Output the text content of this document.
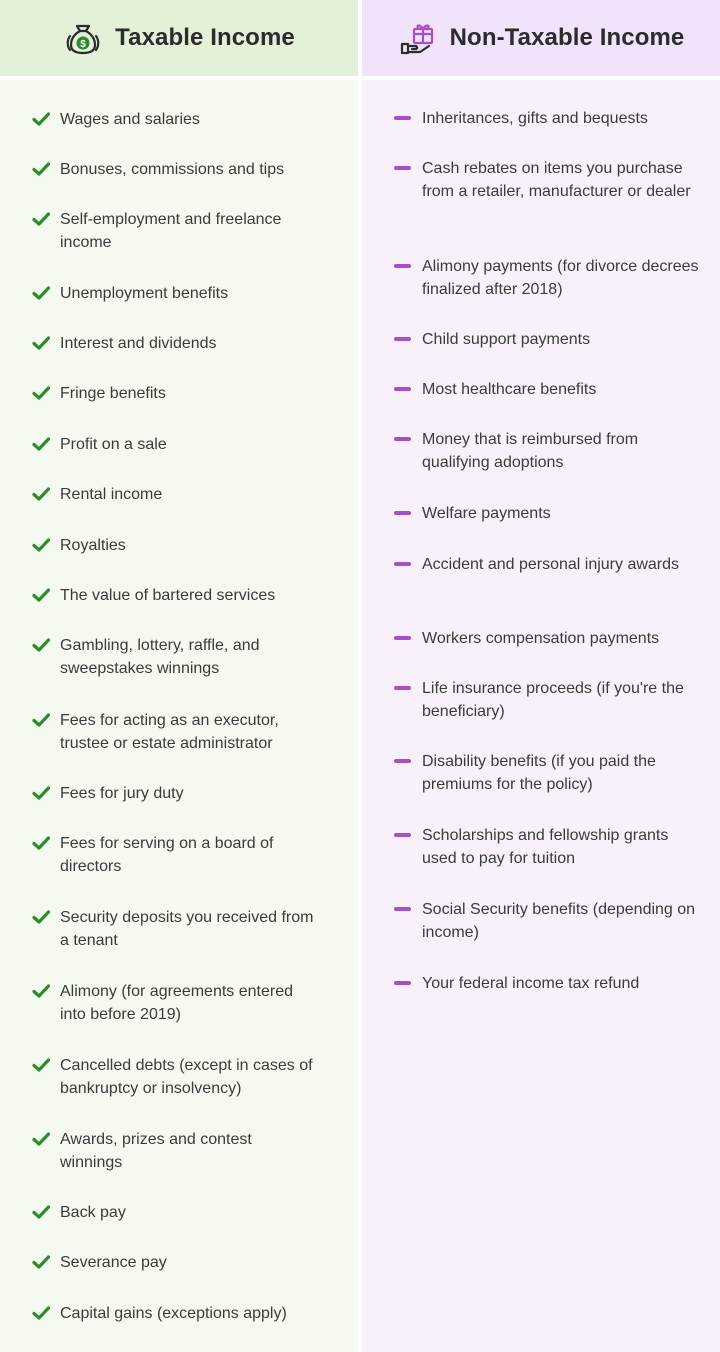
$ Taxable Income
Wages and salaries
Bonuses, commissions and tips
Self-employment and freelance income
Unemployment benefits
Interest and dividends
Fringe benefits
Profit on a sale
Rental income
Royalties
The value of bartered services
Gambling, lottery, raffle, and sweepstakes winnings
Fees for acting as an executor, trustee or estate administrator
Fees for jury duty
Fees for serving on a board of directors
Security deposits you received from a tenant
Alimony (for agreements entered into before 2019)
Cancelled debts (except in cases of bankruptcy or insolvency)
Awards, prizes and contest winnings
Back pay
Severance pay
Capital gains (exceptions apply)
Non-Taxable Income
Inheritances, gifts and bequests
Cash rebates on items you purchase from a retailer, manufacturer or dealer
Alimony payments (for divorce decrees finalized after 2018)
Child support payments
Most healthcare benefits
Money that is reimbursed from qualifying adoptions
Welfare payments
Accident and personal injury awards
Workers compensation payments
Life insurance proceeds (if you're the beneficiary)
Disability benefits (if you paid the premiums for the policy)
Scholarships and fellowship grants used to pay for tuition
Social Security benefits (depending on income)
Your federal income tax refund
